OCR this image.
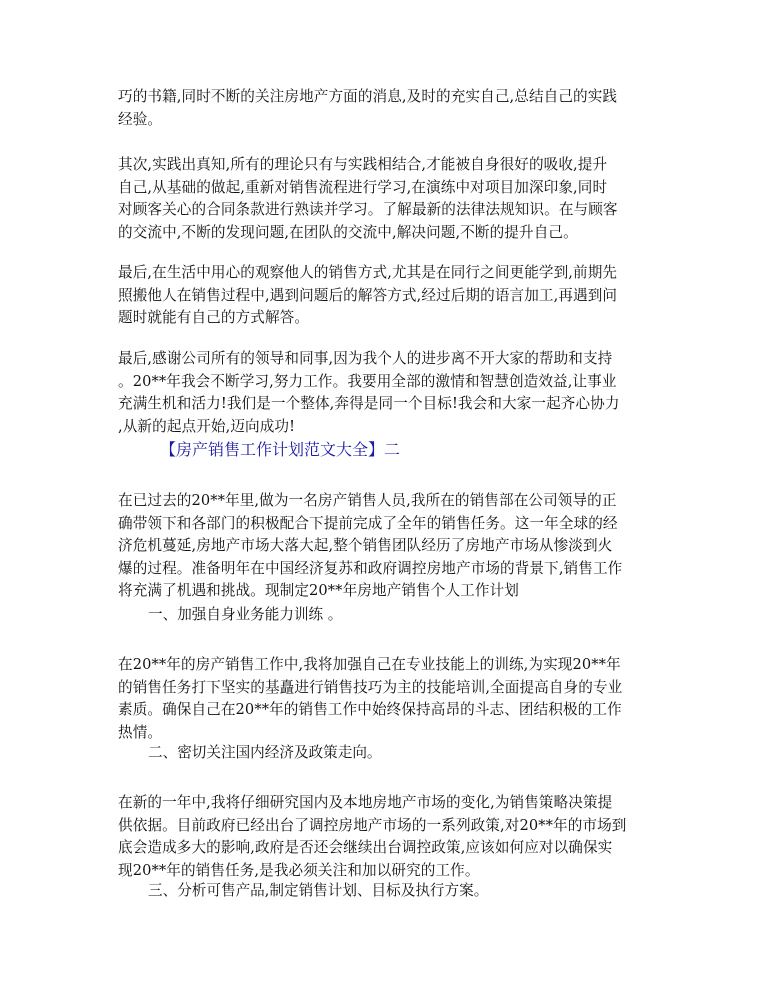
巧的书籍,同时不断的关注房地产方面的消息,及时的充实自己,总结自己的实践
经验。

其次,实践出真知,所有的理论只有与实践相结合,才能被自身很好的吸收,提升
自己,从基础的做起,重新对销售流程进行学习,在演练中对项目加深印象,同时
对顾客关心的合同条款进行熟读并学习。了解最新的法律法规知识。在与顾客
的交流中,不断的发现问题,在团队的交流中,解决问题,不断的提升自己。

最后,在生活中用心的观察他人的销售方式,尤其是在同行之间更能学到,前期先
照搬他人在销售过程中,遇到问题后的解答方式,经过后期的语言加工,再遇到问
题时就能有自己的方式解答。

最后,感谢公司所有的领导和同事,因为我个人的进步离不开大家的帮助和支持
。20**年我会不断学习,努力工作。我要用全部的激情和智慧创造效益,让事业
充满生机和活力!我们是一个整体,奔得是同一个目标!我会和大家一起齐心协力
,从新的起点开始,迈向成功!

【房产销售工作计划范文大全】二

在已过去的20**年里,做为一名房产销售人员,我所在的销售部在公司领导的正
确带领下和各部门的积极配合下提前完成了全年的销售任务。这一年全球的经
济危机蔓延,房地产市场大落大起,整个销售团队经历了房地产市场从惨淡到火
爆的过程。准备明年在中国经济复苏和政府调控房地产市场的背景下,销售工作
将充满了机遇和挑战。现制定20**年房地产销售个人工作计划

一、加强自身业务能力训练 。

在20**年的房产销售工作中,我将加强自己在专业技能上的训练,为实现20**年
的销售任务打下坚实的基矗进行销售技巧为主的技能培训,全面提高自身的专业
素质。确保自己在20**年的销售工作中始终保持高昂的斗志、团结积极的工作
热情。

二、密切关注国内经济及政策走向。

在新的一年中,我将仔细研究国内及本地房地产市场的变化,为销售策略决策提
供依据。目前政府已经出台了调控房地产市场的一系列政策,对20**年的市场到
底会造成多大的影响,政府是否还会继续出台调控政策,应该如何应对以确保实
现20**年的销售任务,是我必须关注和加以研究的工作。

三、分析可售产品,制定销售计划、目标及执行方案。
